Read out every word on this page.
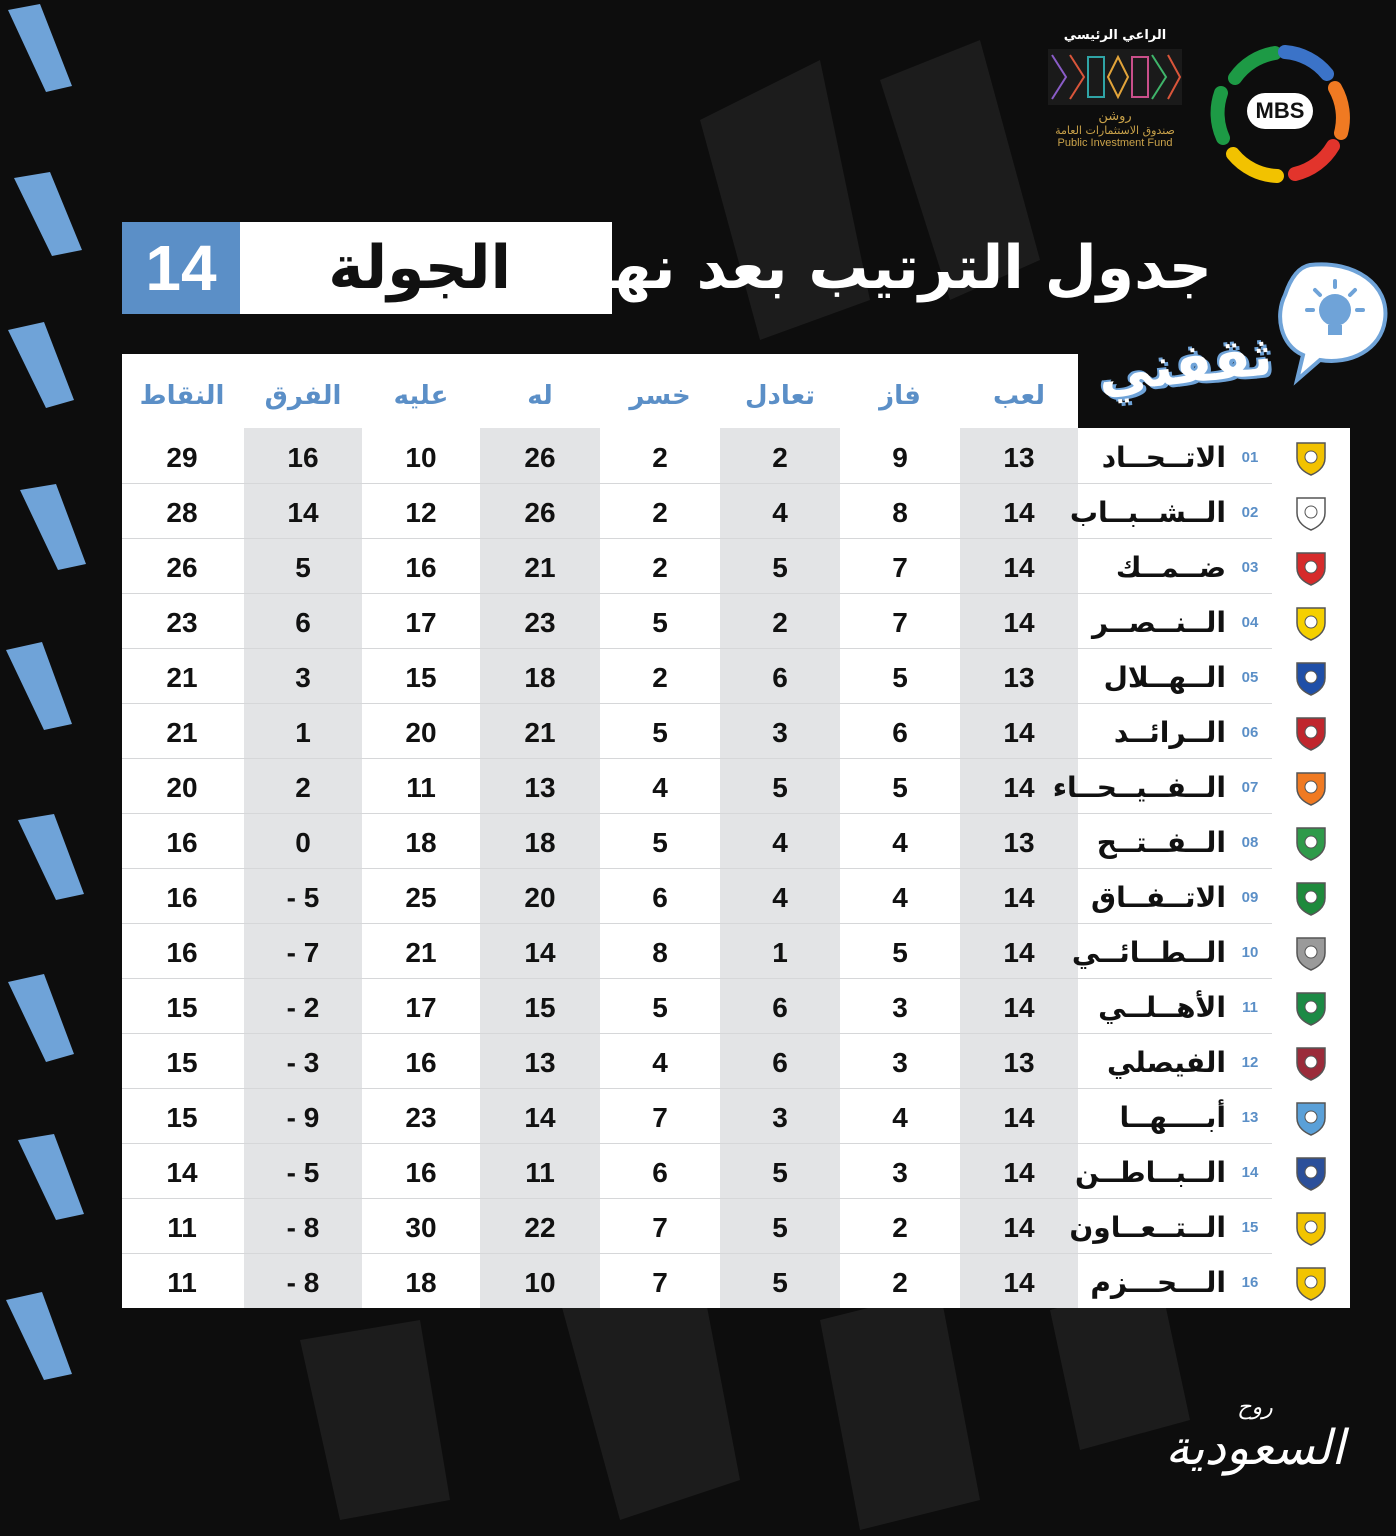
الراعي الرئيسي
روشن
صندوق الاستثمارات العامة
Public Investment Fund
MBS
14	جدول الترتيب بعد نهاية الجولة
ثقفني
النقاط	الفرق	عليه	له	خسر	تعادل	فاز	لعب
29	16	10	26	2	2	9	13	الاتــحــاد	01
28	14	12	26	2	4	8	14	الــشــبــاب	02
26	5	16	21	2	5	7	14	ضــمــك	03
23	6	17	23	5	2	7	14	الــنــصــر	04
21	3	15	18	2	6	5	13	الــهــلال	05
21	1	20	21	5	3	6	14	الــرائــد	06
20	2	11	13	4	5	5	14 الــفــيــحــاء	07
16	0	18	18	5	4	4	13	الــفــتــح	08
16	- 5	25	20	6	4	4	14	الاتــفــاق	09
16	- 7	21	14	8	1	5	14	الــطــائــي	10
15	- 2	17	15	5	6	3	14	الأهــلــي	11
15	- 3	16	13	4	6	3	13	الفيصلي	12
15	- 9	23	14	7	3	4	14	أبــــهــا	13
14	- 5	16	11	6	5	3	14	الــبــاطــن	14
11	- 8	30	22	7	5	2	14	الــتــعــاون	15
11	- 8	18	10	7	5	2	14	الـــحـــزم	16
روح
السعودية
